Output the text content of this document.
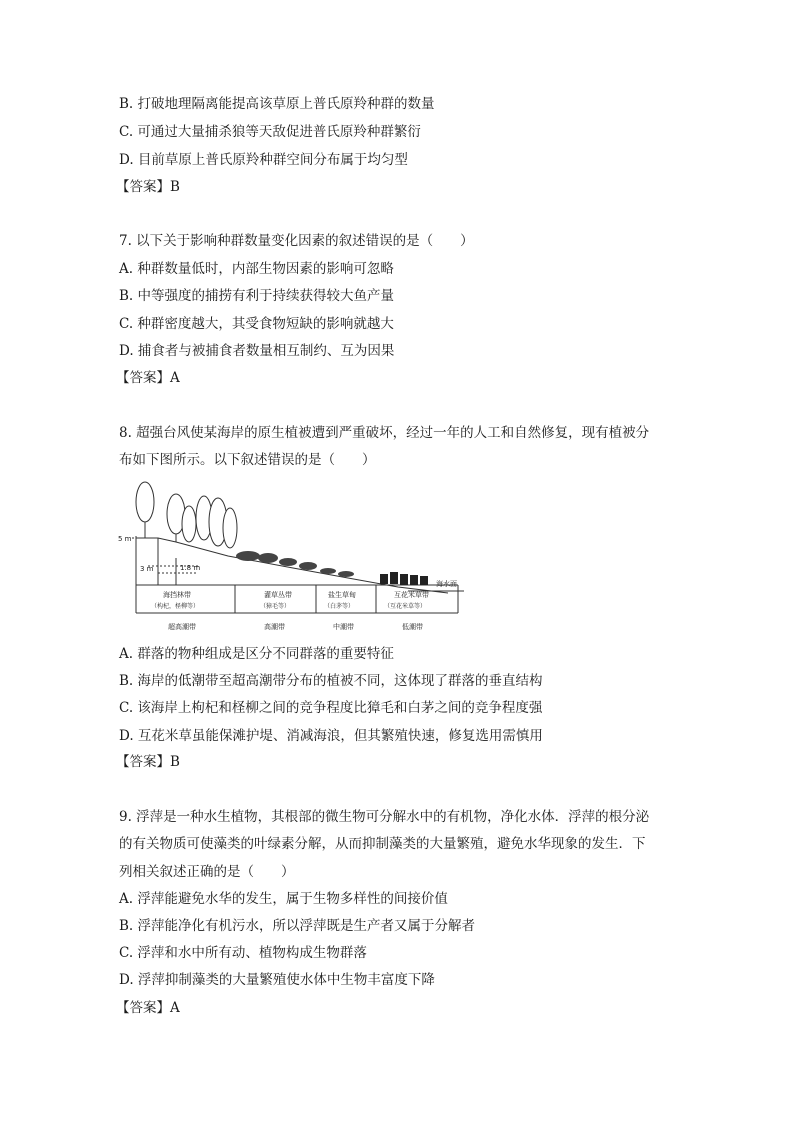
B. 打破地理隔离能提高该草原上普氏原羚种群的数量
C. 可通过大量捕杀狼等天敌促进普氏原羚种群繁衍
D. 目前草原上普氏原羚种群空间分布属于均匀型
【答案】B
7. 以下关于影响种群数量变化因素的叙述错误的是（　　）
A. 种群数量低时，内部生物因素的影响可忽略
B. 中等强度的捕捞有利于持续获得较大鱼产量
C. 种群密度越大，其受食物短缺的影响就越大
D. 捕食者与被捕食者数量相互制约、互为因果
【答案】A
8. 超强台风使某海岸的原生植被遭到严重破坏，经过一年的人工和自然修复，现有植被分
布如下图所示。以下叙述错误的是（　　）
5 m
3 m	1.8 m
海水面
海挡林带
（构杞，柽柳等）
灌草丛带
（獐毛等）
盐生草甸
（白茅等）
互花米草带
（互花米草等）
超高潮带	高潮带	中潮带	低潮带
A. 群落的物种组成是区分不同群落的重要特征
B. 海岸的低潮带至超高潮带分布的植被不同，这体现了群落的垂直结构
C. 该海岸上枸杞和柽柳之间的竞争程度比獐毛和白茅之间的竞争程度强
D. 互花米草虽能保滩护堤、消减海浪，但其繁殖快速，修复选用需慎用
【答案】B
9. 浮萍是一种水生植物，其根部的微生物可分解水中的有机物，净化水体．浮萍的根分泌
的有关物质可使藻类的叶绿素分解，从而抑制藻类的大量繁殖，避免水华现象的发生．下
列相关叙述正确的是（　　）
A. 浮萍能避免水华的发生，属于生物多样性的间接价值
B. 浮萍能净化有机污水，所以浮萍既是生产者又属于分解者
C. 浮萍和水中所有动、植物构成生物群落
D. 浮萍抑制藻类的大量繁殖使水体中生物丰富度下降
【答案】A
